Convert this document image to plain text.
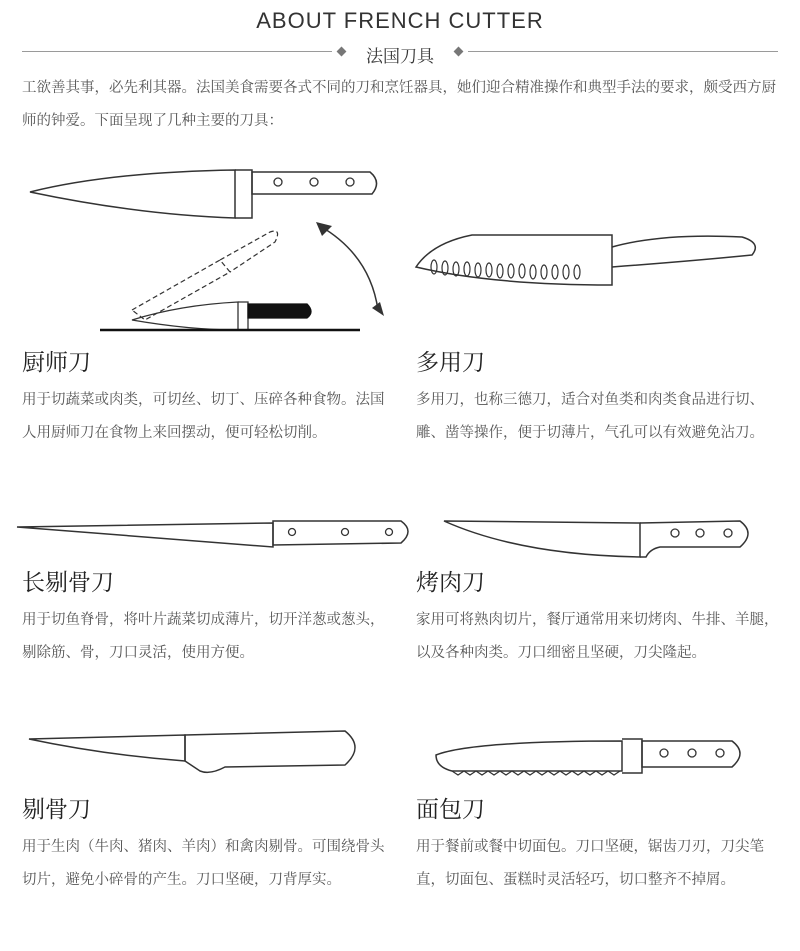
ABOUT FRENCH CUTTER
法国刀具
工欲善其事，必先利其器。法国美食需要各式不同的刀和烹饪器具，她们迎合精准操作和典型手法的要求，颇受西方厨师的钟爱。下面呈现了几种主要的刀具：
厨师刀

用于切蔬菜或肉类，可切丝、切丁、压碎各种食物。法国人用厨师刀在食物上来回摆动，便可轻松切削。

多用刀

多用刀，也称三德刀，适合对鱼类和肉类食品进行切、雕、凿等操作，便于切薄片，气孔可以有效避免沾刀。

长剔骨刀

用于切鱼脊骨，将叶片蔬菜切成薄片，切开洋葱或葱头，剔除筋、骨，刀口灵活，使用方便。

烤肉刀

家用可将熟肉切片，餐厅通常用来切烤肉、牛排、羊腿，以及各种肉类。刀口细密且坚硬，刀尖隆起。

剔骨刀

用于生肉（牛肉、猪肉、羊肉）和禽肉剔骨。可围绕骨头切片，避免小碎骨的产生。刀口坚硬，刀背厚实。

面包刀

用于餐前或餐中切面包。刀口坚硬，锯齿刀刃，刀尖笔直，切面包、蛋糕时灵活轻巧，切口整齐不掉屑。
